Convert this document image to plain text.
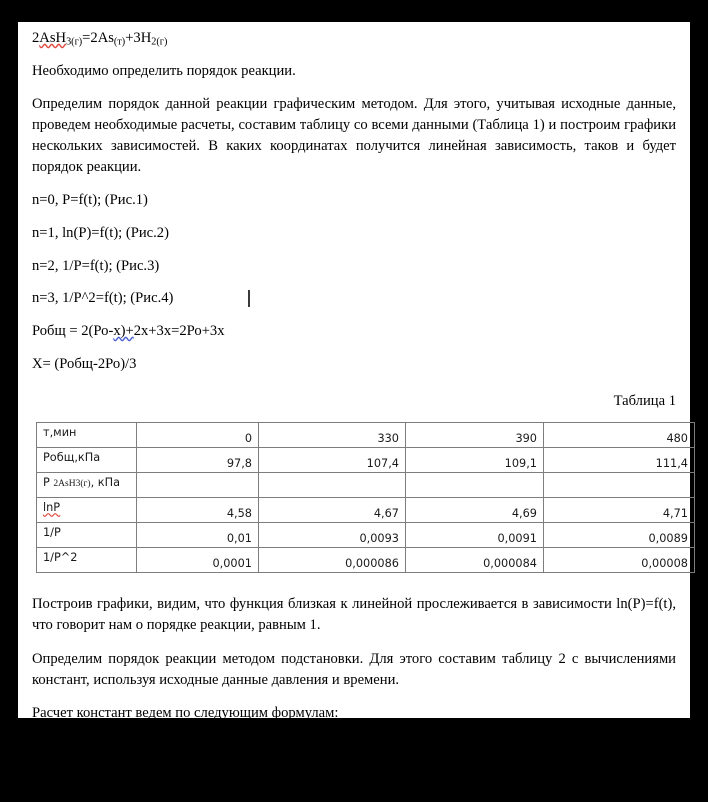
$2AsH_{3(г)}=2As_{(т)}+3H_{2(г)}$

Необходимо определить порядок реакции.

Определим порядок данной реакции графическим методом. Для этого, учитывая исходные данные, проведем необходимые расчеты, составим таблицу со всеми данными (Таблица 1) и построим графики нескольких зависимостей. В каких координатах получится линейная зависимость, таков и будет порядок реакции.

n=0, P=f(t); (Рис.1)
n=1, ln(P)=f(t); (Рис.2)
n=2, 1/P=f(t); (Рис.3)
n=3, 1/P^2=f(t); (Рис.4)
Робщ = 2(Ро-x)+2x+3x=2Ро+3x
X= (Робщ-2Ро)/3
Таблица 1
т,мин	0	330	390	480
Робщ,кПа	97,8	107,4	109,1	111,4
P 2AsH3(г), кПа				
lnP	4,58	4,67	4,69	4,71
1/P	0,01	0,0093	0,0091	0,0089
1/P^2	0,0001	0,000086	0,000084	0,00008

Построив графики, видим, что функция близкая к линейной прослеживается в зависимости ln(P)=f(t), что говорит нам о порядке реакции, равным 1.

Определим порядок реакции методом подстановки. Для этого составим таблицу 2 с вычислениями констант, используя исходные данные давления и времени.

Расчет констант ведем по следующим формулам:

n=0, $k=1/t(p_0-p)$;
n=1, $k=1/t(\ln(p_0)-\ln(p))$;
